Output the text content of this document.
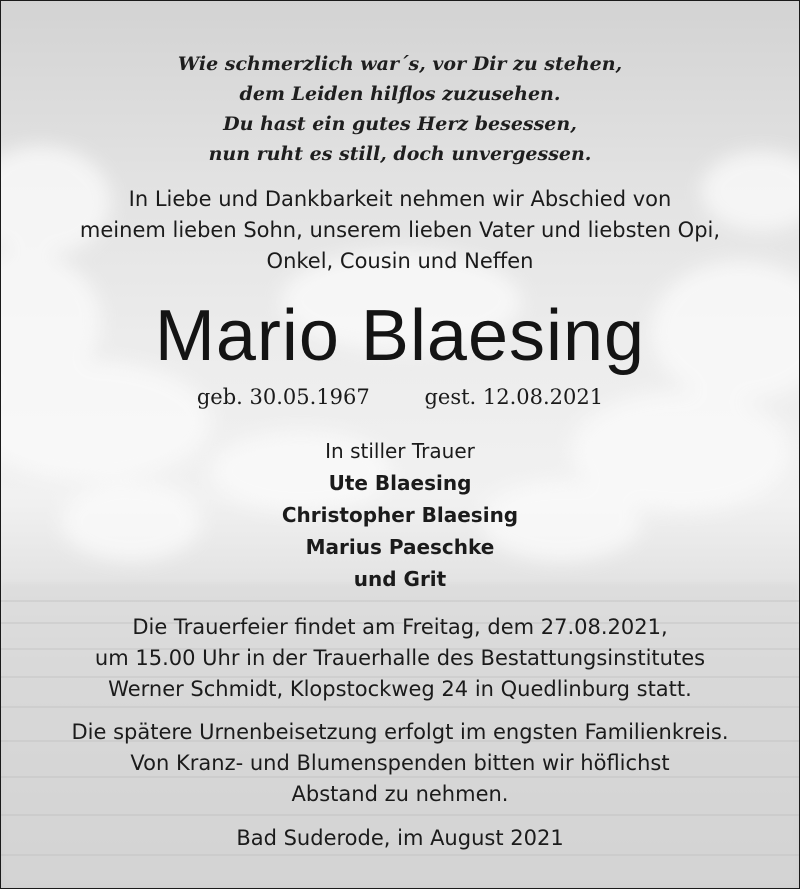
Wie schmerzlich war´s, vor Dir zu stehen,
dem Leiden hilflos zuzusehen.
Du hast ein gutes Herz besessen,
nun ruht es still, doch unvergessen.
In Liebe und Dankbarkeit nehmen wir Abschied von
meinem lieben Sohn, unserem lieben Vater und liebsten Opi,
Onkel, Cousin und Neffen
Mario Blaesing
geb. 30.05.1967	gest. 12.08.2021
In stiller Trauer
Ute Blaesing
Christopher Blaesing
Marius Paeschke
und Grit
Die Trauerfeier findet am Freitag, dem 27.08.2021,
um 15.00 Uhr in der Trauerhalle des Bestattungsinstitutes
Werner Schmidt, Klopstockweg 24 in Quedlinburg statt.
Die spätere Urnenbeisetzung erfolgt im engsten Familienkreis.
Von Kranz- und Blumenspenden bitten wir höflichst
Abstand zu nehmen.
Bad Suderode, im August 2021
